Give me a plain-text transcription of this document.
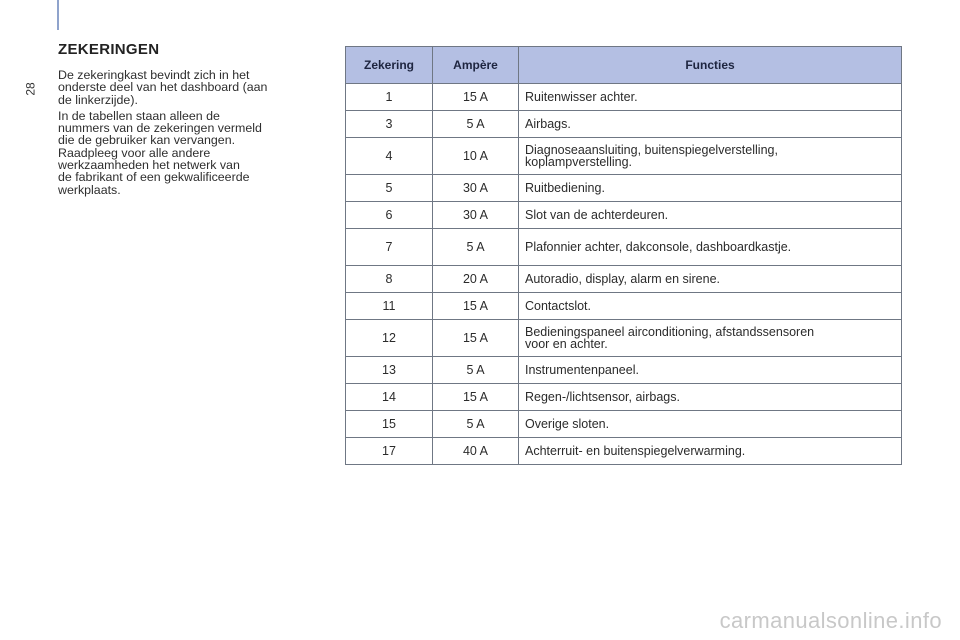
28
ZEKERINGEN

De zekeringkast bevindt zich in het
onderste deel van het dashboard (aan
de linkerzijde).

In de tabellen staan alleen de
nummers van de zekeringen vermeld
die de gebruiker kan vervangen.
Raadpleeg voor alle andere
werkzaamheden het netwerk van
de fabrikant of een gekwalificeerde
werkplaats.

Zekering	Ampère	Functies
1	15 A	Ruitenwisser achter.
3	5 A	Airbags.
4	10 A	Diagnoseaansluiting, buitenspiegelverstelling,
koplampverstelling.
5	30 A	Ruitbediening.
6	30 A	Slot van de achterdeuren.
7	5 A	Plafonnier achter, dakconsole, dashboardkastje.
8	20 A	Autoradio, display, alarm en sirene.
11	15 A	Contactslot.
12	15 A	Bedieningspaneel airconditioning, afstandssensoren
voor en achter.
13	5 A	Instrumentenpaneel.
14	15 A	Regen-/lichtsensor, airbags.
15	5 A	Overige sloten.
17	40 A	Achterruit- en buitenspiegelverwarming.
carmanualsonline.info
